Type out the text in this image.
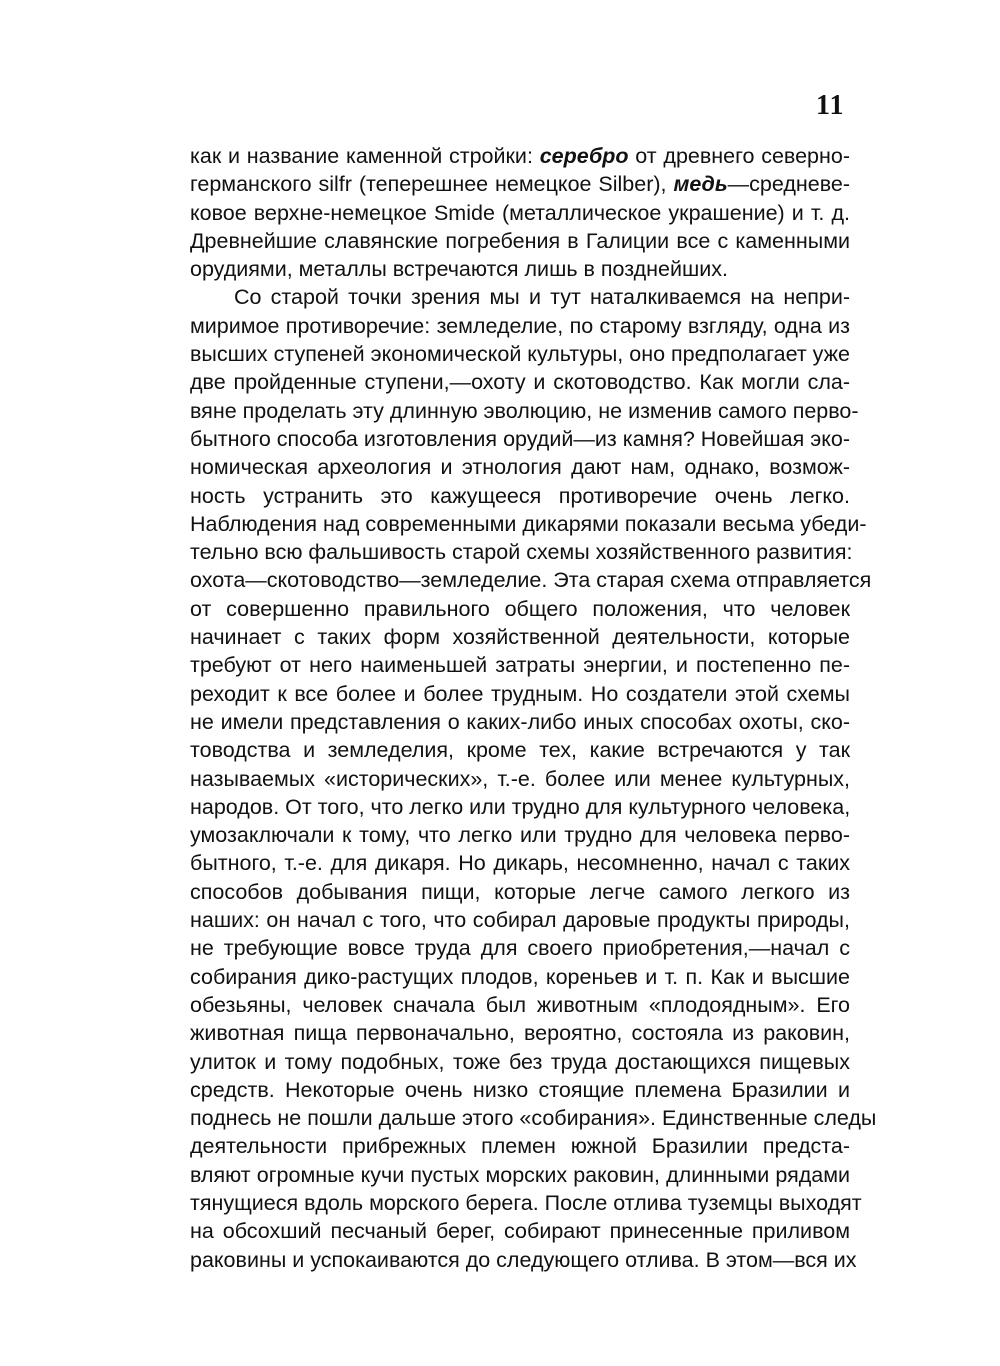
11
как и название каменной стройки: серебро от древнего северно-
германского silfr (теперешнее немецкое Silber), медь—средневе-
ковое верхне-немецкое Smide (металлическое украшение) и т. д.
Древнейшие славянские погребения в Галиции все с каменными
орудиями, металлы встречаются лишь в позднейших.
Со старой точки зрения мы и тут наталкиваемся на непри-
миримое противоречие: земледелие, по старому взгляду, одна из
высших ступеней экономической культуры, оно предполагает уже
две пройденные ступени,—охоту и скотоводство. Как могли сла-
вяне проделать эту длинную эволюцию, не изменив самого перво-
бытного способа изготовления орудий—из камня? Новейшая эко-
номическая археология и этнология дают нам, однако, возмож-
ность устранить это кажущееся противоречие очень легко.
Наблюдения над современными дикарями показали весьма убеди-
тельно всю фальшивость старой схемы хозяйственного развития:
охота—скотоводство—земледелие. Эта старая схема отправляется
от совершенно правильного общего положения, что человек
начинает с таких форм хозяйственной деятельности, которые
требуют от него наименьшей затраты энергии, и постепенно пе-
реходит к все более и более трудным. Но создатели этой схемы
не имели представления о каких-либо иных способах охоты, ско-
товодства и земледелия, кроме тех, какие встречаются у так
называемых «исторических», т.-е. более или менее культурных,
народов. От того, что легко или трудно для культурного человека,
умозаключали к тому, что легко или трудно для человека перво-
бытного, т.-е. для дикаря. Но дикарь, несомненно, начал с таких
способов добывания пищи, которые легче самого легкого из
наших: он начал с того, что собирал даровые продукты природы,
не требующие вовсе труда для своего приобретения,—начал с
собирания дико-растущих плодов, кореньев и т. п. Как и высшие
обезьяны, человек сначала был животным «плодоядным». Его
животная пища первоначально, вероятно, состояла из раковин,
улиток и тому подобных, тоже без труда достающихся пищевых
средств. Некоторые очень низко стоящие племена Бразилии и
поднесь не пошли дальше этого «собирания». Единственные следы
деятельности прибрежных племен южной Бразилии предста-
вляют огромные кучи пустых морских раковин, длинными рядами
тянущиеся вдоль морского берега. После отлива туземцы выходят
на обсохший песчаный берег, собирают принесенные приливом
раковины и успокаиваются до следующего отлива. В этом—вся их
